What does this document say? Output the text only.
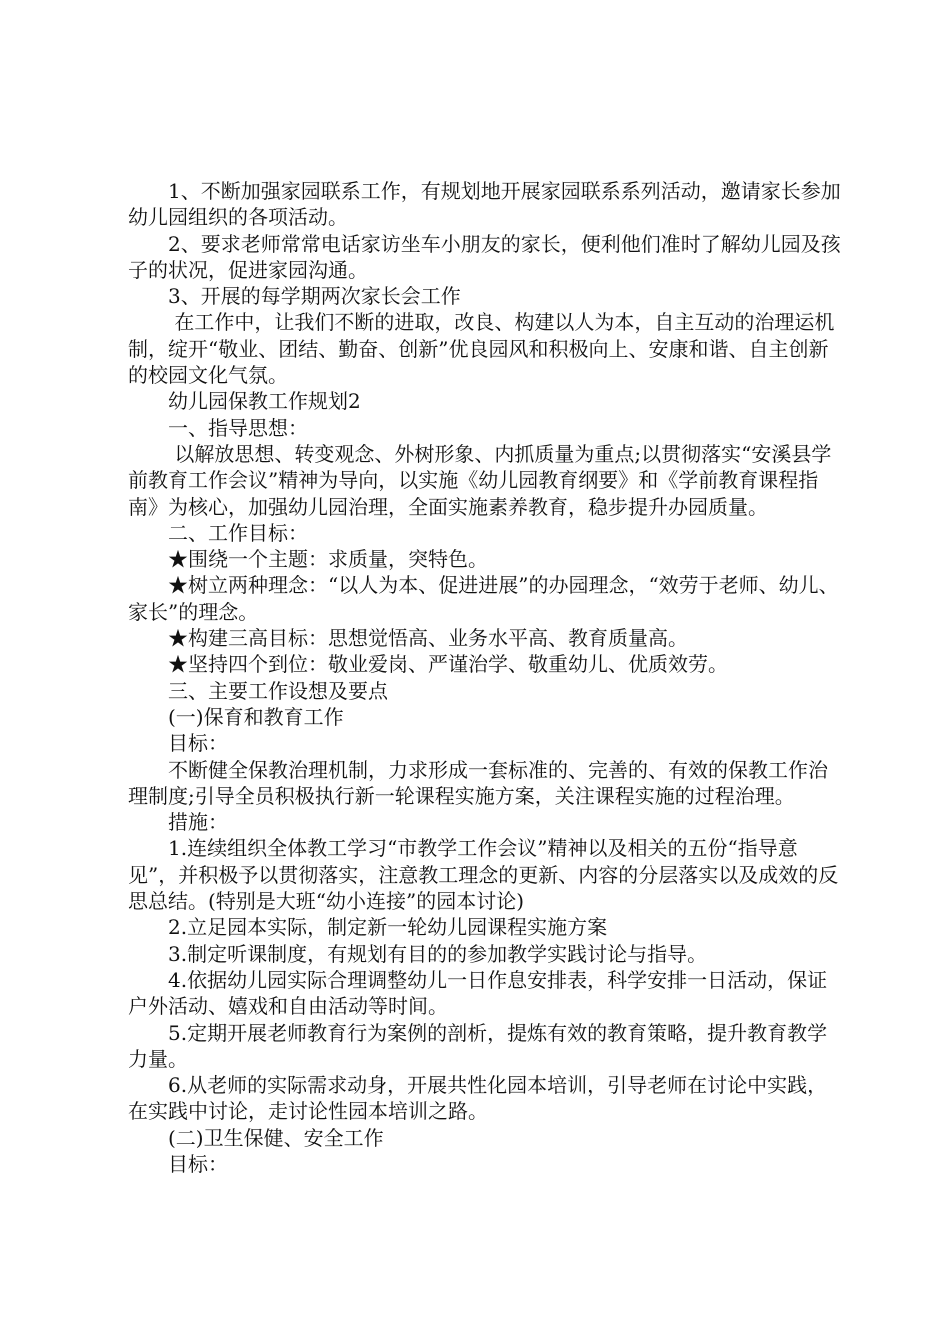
1、不断加强家园联系工作，有规划地开展家园联系系列活动，邀请家长参加幼儿园组织的各项活动。

2、要求老师常常电话家访坐车小朋友的家长，便利他们准时了解幼儿园及孩子的状况，促进家园沟通。

3、开展的每学期两次家长会工作

在工作中，让我们不断的进取，改良、构建以人为本，自主互动的治理运机制，绽开“敬业、团结、勤奋、创新”优良园风和积极向上、安康和谐、自主创新的校园文化气氛。

幼儿园保教工作规划2

一、指导思想：

以解放思想、转变观念、外树形象、内抓质量为重点;以贯彻落实“安溪县学前教育工作会议”精神为导向，以实施《幼儿园教育纲要》和《学前教育课程指南》为核心，加强幼儿园治理，全面实施素养教育，稳步提升办园质量。

二、工作目标：

★围绕一个主题：求质量，突特色。

★树立两种理念：“以人为本、促进进展”的办园理念，“效劳于老师、幼儿、家长”的理念。

★构建三高目标：思想觉悟高、业务水平高、教育质量高。

★坚持四个到位：敬业爱岗、严谨治学、敬重幼儿、优质效劳。

三、主要工作设想及要点

(一)保育和教育工作

目标：

不断健全保教治理机制，力求形成一套标准的、完善的、有效的保教工作治理制度;引导全员积极执行新一轮课程实施方案，关注课程实施的过程治理。

措施：

1.连续组织全体教工学习“市教学工作会议”精神以及相关的五份“指导意见”，并积极予以贯彻落实，注意教工理念的更新、内容的分层落实以及成效的反思总结。(特别是大班“幼小连接”的园本讨论)

2.立足园本实际，制定新一轮幼儿园课程实施方案

3.制定听课制度，有规划有目的的参加教学实践讨论与指导。

4.依据幼儿园实际合理调整幼儿一日作息安排表，科学安排一日活动，保证户外活动、嬉戏和自由活动等时间。

5.定期开展老师教育行为案例的剖析，提炼有效的教育策略，提升教育教学力量。

6.从老师的实际需求动身，开展共性化园本培训，引导老师在讨论中实践，在实践中讨论，走讨论性园本培训之路。

(二)卫生保健、安全工作

目标：
